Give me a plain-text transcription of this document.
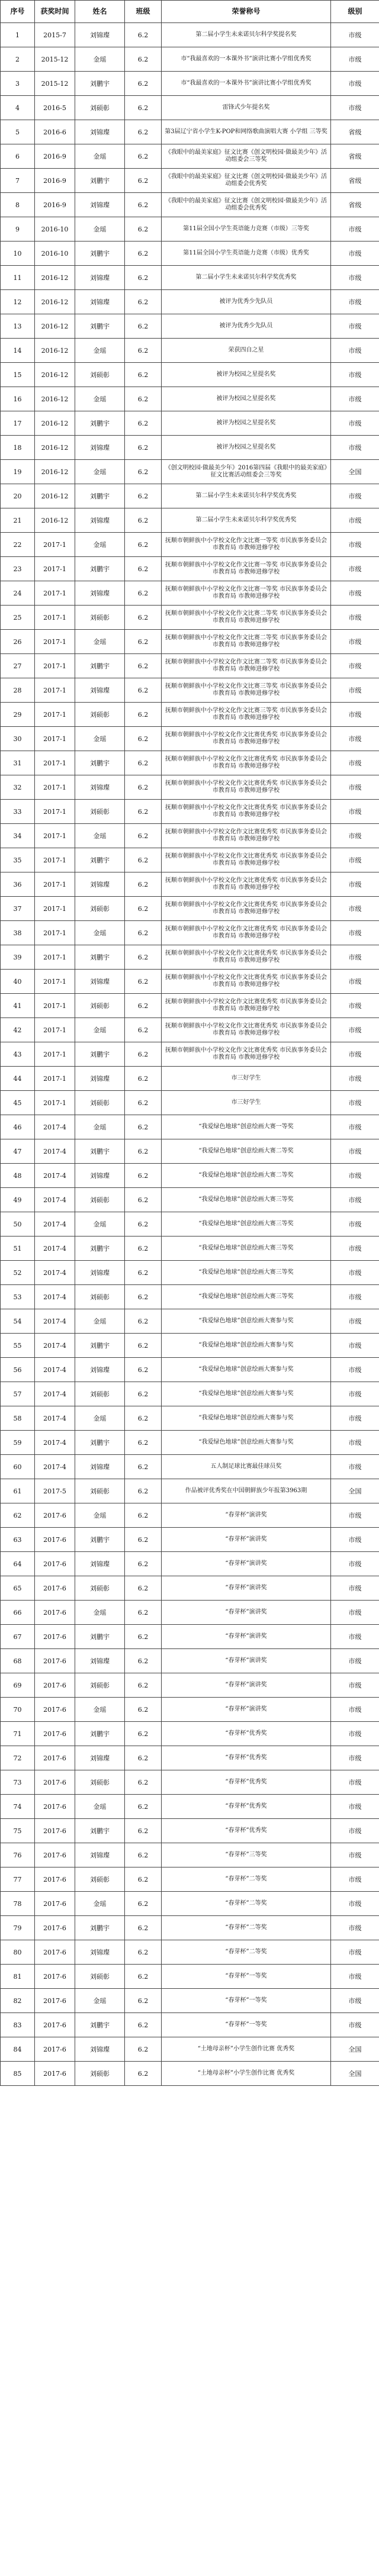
序号	获奖时间	姓名	班级	荣誉称号	级别
1	2015-7	刘锦璨	6.2	第二届小学生未来诺贝尔科学奖提名奖	市级
2	2015-12	金瑶	6.2	市“我最喜欢的一本课外书”演讲比赛小学组优秀奖	市级
3	2015-12	刘鹏宇	6.2	市“我最喜欢的一本课外书”演讲比赛小学组优秀奖	市级
4	2016-5	刘硕彰	6.2	雷锋式少年提名奖	市级
5	2016-6	刘锦璨	6.2	第3届辽宁省小学生K-POP和网络歌曲演唱大赛 小学组 三等奖	省级
6	2016-9	金瑶	6.2	《我眼中的最美家庭》征文比赛《创文明校园·做最美少年》活动组委会三等奖	省级
7	2016-9	刘鹏宇	6.2	《我眼中的最美家庭》征文比赛《创文明校园·做最美少年》活动组委会优秀奖	省级
8	2016-9	刘锦璨	6.2	《我眼中的最美家庭》征文比赛《创文明校园·做最美少年》活动组委会优秀奖	省级
9	2016-10	金瑶	6.2	第11届全国小学生英语能力竞赛（市级）三等奖	市级
10	2016-10	刘鹏宇	6.2	第11届全国小学生英语能力竞赛（市级）优秀奖	市级
11	2016-12	刘锦璨	6.2	第二届小学生未来诺贝尔科学奖优秀奖	市级
12	2016-12	刘锦璨	6.2	被评为优秀少先队员	市级
13	2016-12	刘鹏宇	6.2	被评为优秀少先队员	市级
14	2016-12	金瑶	6.2	荣获四自之星	市级
15	2016-12	刘硕彰	6.2	被评为校园之星提名奖	市级
16	2016-12	金瑶	6.2	被评为校园之星提名奖	市级
17	2016-12	刘鹏宇	6.2	被评为校园之星提名奖	市级
18	2016-12	刘锦璨	6.2	被评为校园之星提名奖	市级
19	2016-12	金瑶	6.2	《创文明校园·做最美少年》2016第四届《我眼中的最美家庭》征文比赛活动组委会三等奖	全国
20	2016-12	刘鹏宇	6.2	第二届小学生未来诺贝尔科学奖优秀奖	市级
21	2016-12	刘锦璨	6.2	第二届小学生未来诺贝尔科学奖优秀奖	市级
22	2017-1	金瑶	6.2	抚顺市朝鲜族中小学校文化作文比赛一等奖 市民族事务委员会 市教育局 市教师进修学校	市级
23	2017-1	刘鹏宇	6.2	抚顺市朝鲜族中小学校文化作文比赛一等奖 市民族事务委员会 市教育局 市教师进修学校	市级
24	2017-1	刘锦璨	6.2	抚顺市朝鲜族中小学校文化作文比赛一等奖 市民族事务委员会 市教育局 市教师进修学校	市级
25	2017-1	刘硕彰	6.2	抚顺市朝鲜族中小学校文化作文比赛二等奖 市民族事务委员会 市教育局 市教师进修学校	市级
26	2017-1	金瑶	6.2	抚顺市朝鲜族中小学校文化作文比赛二等奖 市民族事务委员会 市教育局 市教师进修学校	市级
27	2017-1	刘鹏宇	6.2	抚顺市朝鲜族中小学校文化作文比赛二等奖 市民族事务委员会 市教育局 市教师进修学校	市级
28	2017-1	刘锦璨	6.2	抚顺市朝鲜族中小学校文化作文比赛三等奖 市民族事务委员会 市教育局 市教师进修学校	市级
29	2017-1	刘硕彰	6.2	抚顺市朝鲜族中小学校文化作文比赛三等奖 市民族事务委员会 市教育局 市教师进修学校	市级
30	2017-1	金瑶	6.2	抚顺市朝鲜族中小学校文化作文比赛优秀奖 市民族事务委员会 市教育局 市教师进修学校	市级
31	2017-1	刘鹏宇	6.2	抚顺市朝鲜族中小学校文化作文比赛优秀奖 市民族事务委员会 市教育局 市教师进修学校	市级
32	2017-1	刘锦璨	6.2	抚顺市朝鲜族中小学校文化作文比赛优秀奖 市民族事务委员会 市教育局 市教师进修学校	市级
33	2017-1	刘硕彰	6.2	抚顺市朝鲜族中小学校文化作文比赛优秀奖 市民族事务委员会 市教育局 市教师进修学校	市级
34	2017-1	金瑶	6.2	抚顺市朝鲜族中小学校文化作文比赛优秀奖 市民族事务委员会 市教育局 市教师进修学校	市级
35	2017-1	刘鹏宇	6.2	抚顺市朝鲜族中小学校文化作文比赛优秀奖 市民族事务委员会 市教育局 市教师进修学校	市级
36	2017-1	刘锦璨	6.2	抚顺市朝鲜族中小学校文化作文比赛优秀奖 市民族事务委员会 市教育局 市教师进修学校	市级
37	2017-1	刘硕彰	6.2	抚顺市朝鲜族中小学校文化作文比赛优秀奖 市民族事务委员会 市教育局 市教师进修学校	市级
38	2017-1	金瑶	6.2	抚顺市朝鲜族中小学校文化作文比赛优秀奖 市民族事务委员会 市教育局 市教师进修学校	市级
39	2017-1	刘鹏宇	6.2	抚顺市朝鲜族中小学校文化作文比赛优秀奖 市民族事务委员会 市教育局 市教师进修学校	市级
40	2017-1	刘锦璨	6.2	抚顺市朝鲜族中小学校文化作文比赛优秀奖 市民族事务委员会 市教育局 市教师进修学校	市级
41	2017-1	刘硕彰	6.2	抚顺市朝鲜族中小学校文化作文比赛优秀奖 市民族事务委员会 市教育局 市教师进修学校	市级
42	2017-1	金瑶	6.2	抚顺市朝鲜族中小学校文化作文比赛优秀奖 市民族事务委员会 市教育局 市教师进修学校	市级
43	2017-1	刘鹏宇	6.2	抚顺市朝鲜族中小学校文化作文比赛优秀奖 市民族事务委员会 市教育局 市教师进修学校	市级
44	2017-1	刘锦璨	6.2	市三好学生	市级
45	2017-1	刘硕彰	6.2	市三好学生	市级
46	2017-4	金瑶	6.2	“我爱绿色地球”创意绘画大赛一等奖	市级
47	2017-4	刘鹏宇	6.2	“我爱绿色地球”创意绘画大赛二等奖	市级
48	2017-4	刘锦璨	6.2	“我爱绿色地球”创意绘画大赛二等奖	市级
49	2017-4	刘硕彰	6.2	“我爱绿色地球”创意绘画大赛三等奖	市级
50	2017-4	金瑶	6.2	“我爱绿色地球”创意绘画大赛三等奖	市级
51	2017-4	刘鹏宇	6.2	“我爱绿色地球”创意绘画大赛三等奖	市级
52	2017-4	刘锦璨	6.2	“我爱绿色地球”创意绘画大赛三等奖	市级
53	2017-4	刘硕彰	6.2	“我爱绿色地球”创意绘画大赛三等奖	市级
54	2017-4	金瑶	6.2	“我爱绿色地球”创意绘画大赛参与奖	市级
55	2017-4	刘鹏宇	6.2	“我爱绿色地球”创意绘画大赛参与奖	市级
56	2017-4	刘锦璨	6.2	“我爱绿色地球”创意绘画大赛参与奖	市级
57	2017-4	刘硕彰	6.2	“我爱绿色地球”创意绘画大赛参与奖	市级
58	2017-4	金瑶	6.2	“我爱绿色地球”创意绘画大赛参与奖	市级
59	2017-4	刘鹏宇	6.2	“我爱绿色地球”创意绘画大赛参与奖	市级
60	2017-4	刘锦璨	6.2	五人制足球比赛最佳球员奖	市级
61	2017-5	刘硕彰	6.2	作品被评优秀奖在中国朝鲜族少年报第3963期	全国
62	2017-6	金瑶	6.2	“春芽杯”演讲奖	市级
63	2017-6	刘鹏宇	6.2	“春芽杯”演讲奖	市级
64	2017-6	刘锦璨	6.2	“春芽杯”演讲奖	市级
65	2017-6	刘硕彰	6.2	“春芽杯”演讲奖	市级
66	2017-6	金瑶	6.2	“春芽杯”演讲奖	市级
67	2017-6	刘鹏宇	6.2	“春芽杯”演讲奖	市级
68	2017-6	刘锦璨	6.2	“春芽杯”演讲奖	市级
69	2017-6	刘硕彰	6.2	“春芽杯”演讲奖	市级
70	2017-6	金瑶	6.2	“春芽杯”演讲奖	市级
71	2017-6	刘鹏宇	6.2	“春芽杯”优秀奖	市级
72	2017-6	刘锦璨	6.2	“春芽杯”优秀奖	市级
73	2017-6	刘硕彰	6.2	“春芽杯”优秀奖	市级
74	2017-6	金瑶	6.2	“春芽杯”优秀奖	市级
75	2017-6	刘鹏宇	6.2	“春芽杯”优秀奖	市级
76	2017-6	刘锦璨	6.2	“春芽杯”三等奖	市级
77	2017-6	刘硕彰	6.2	“春芽杯”二等奖	市级
78	2017-6	金瑶	6.2	“春芽杯”二等奖	市级
79	2017-6	刘鹏宇	6.2	“春芽杯”二等奖	市级
80	2017-6	刘锦璨	6.2	“春芽杯”二等奖	市级
81	2017-6	刘硕彰	6.2	“春芽杯”一等奖	市级
82	2017-6	金瑶	6.2	“春芽杯”一等奖	市级
83	2017-6	刘鹏宇	6.2	“春芽杯”一等奖	市级
84	2017-6	刘锦璨	6.2	“土地母亲杯”小学生创作比赛 优秀奖	全国
85	2017-6	刘硕彰	6.2	“土地母亲杯”小学生创作比赛 优秀奖	全国
